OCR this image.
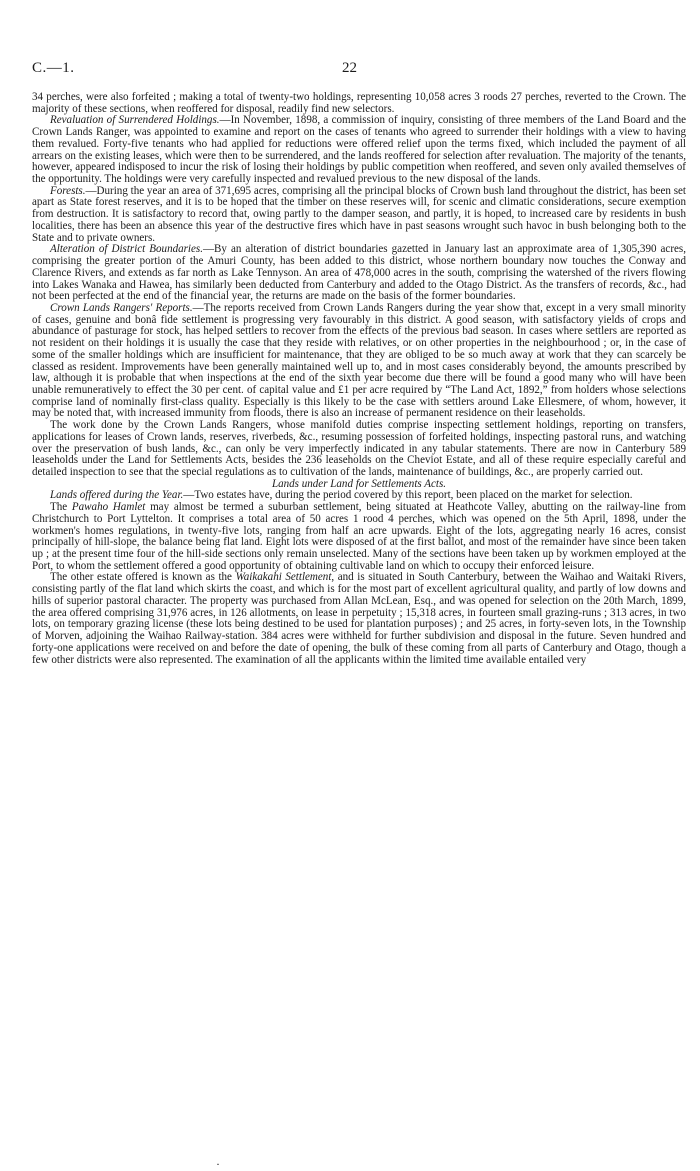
C.—1.	22

34 perches, were also forfeited ; making a total of twenty-two holdings, representing 10,058 acres 3 roods 27 perches, reverted to the Crown. The majority of these sections, when reoffered for disposal, readily find new selectors.

Revaluation of Surrendered Holdings.—In November, 1898, a commission of inquiry, consisting of three members of the Land Board and the Crown Lands Ranger, was appointed to examine and report on the cases of tenants who agreed to surrender their holdings with a view to having them revalued. Forty-five tenants who had applied for reductions were offered relief upon the terms fixed, which included the payment of all arrears on the existing leases, which were then to be surrendered, and the lands reoffered for selection after revaluation. The majority of the tenants, however, appeared indisposed to incur the risk of losing their holdings by public competition when reoffered, and seven only availed themselves of the opportunity. The holdings were very carefully inspected and revalued previous to the new disposal of the lands.

Forests.—During the year an area of 371,695 acres, comprising all the principal blocks of Crown bush land throughout the district, has been set apart as State forest reserves, and it is to be hoped that the timber on these reserves will, for scenic and climatic considerations, secure exemption from destruction. It is satisfactory to record that, owing partly to the damper season, and partly, it is hoped, to increased care by residents in bush localities, there has been an absence this year of the destructive fires which have in past seasons wrought such havoc in bush belonging both to the State and to private owners.

Alteration of District Boundaries.—By an alteration of district boundaries gazetted in January last an approximate area of 1,305,390 acres, comprising the greater portion of the Amuri County, has been added to this district, whose northern boundary now touches the Conway and Clarence Rivers, and extends as far north as Lake Tennyson. An area of 478,000 acres in the south, comprising the watershed of the rivers flowing into Lakes Wanaka and Hawea, has similarly been deducted from Canterbury and added to the Otago District. As the transfers of records, &c., had not been perfected at the end of the financial year, the returns are made on the basis of the former boundaries.

Crown Lands Rangers' Reports.—The reports received from Crown Lands Rangers during the year show that, except in a very small minority of cases, genuine and bonâ fide settlement is progressing very favourably in this district. A good season, with satisfactory yields of crops and abundance of pasturage for stock, has helped settlers to recover from the effects of the previous bad season. In cases where settlers are reported as not resident on their holdings it is usually the case that they reside with relatives, or on other properties in the neighbourhood ; or, in the case of some of the smaller holdings which are insufficient for maintenance, that they are obliged to be so much away at work that they can scarcely be classed as resident. Improvements have been generally maintained well up to, and in most cases considerably beyond, the amounts prescribed by law, although it is probable that when inspections at the end of the sixth year become due there will be found a good many who will have been unable remuneratively to effect the 30 per cent. of capital value and £1 per acre required by “The Land Act, 1892,” from holders whose selections comprise land of nominally first-class quality. Especially is this likely to be the case with settlers around Lake Ellesmere, of whom, however, it may be noted that, with increased immunity from floods, there is also an increase of permanent residence on their leaseholds.

The work done by the Crown Lands Rangers, whose manifold duties comprise inspecting settlement holdings, reporting on transfers, applications for leases of Crown lands, reserves, riverbeds, &c., resuming possession of forfeited holdings, inspecting pastoral runs, and watching over the preservation of bush lands, &c., can only be very imperfectly indicated in any tabular statements. There are now in Canterbury 589 leaseholds under the Land for Settlements Acts, besides the 236 leaseholds on the Cheviot Estate, and all of these require especially careful and detailed inspection to see that the special regulations as to cultivation of the lands, maintenance of buildings, &c., are properly carried out.

Lands under Land for Settlements Acts.

Lands offered during the Year.—Two estates have, during the period covered by this report, been placed on the market for selection.

The Pawaho Hamlet may almost be termed a suburban settlement, being situated at Heathcote Valley, abutting on the railway-line from Christchurch to Port Lyttelton. It comprises a total area of 50 acres 1 rood 4 perches, which was opened on the 5th April, 1898, under the workmen's homes regulations, in twenty-five lots, ranging from half an acre upwards. Eight of the lots, aggregating nearly 16 acres, consist principally of hill-slope, the balance being flat land. Eight lots were disposed of at the first ballot, and most of the remainder have since been taken up ; at the present time four of the hill-side sections only remain unselected. Many of the sections have been taken up by workmen employed at the Port, to whom the settlement offered a good opportunity of obtaining cultivable land on which to occupy their enforced leisure.

The other estate offered is known as the Waikakahi Settlement, and is situated in South Canterbury, between the Waihao and Waitaki Rivers, consisting partly of the flat land which skirts the coast, and which is for the most part of excellent agricultural quality, and partly of low downs and hills of superior pastoral character. The property was purchased from Allan McLean, Esq., and was opened for selection on the 20th March, 1899, the area offered comprising 31,976 acres, in 126 allotments, on lease in perpetuity ; 15,318 acres, in fourteen small grazing-runs ; 313 acres, in two lots, on temporary grazing license (these lots being destined to be used for plantation purposes) ; and 25 acres, in forty-seven lots, in the Township of Morven, adjoining the Waihao Railway-station. 384 acres were withheld for further subdivision and disposal in the future. Seven hundred and forty-one applications were received on and before the date of opening, the bulk of these coming from all parts of Canterbury and Otago, though a few other districts were also represented. The examination of all the applicants within the limited time available entailed very

·
